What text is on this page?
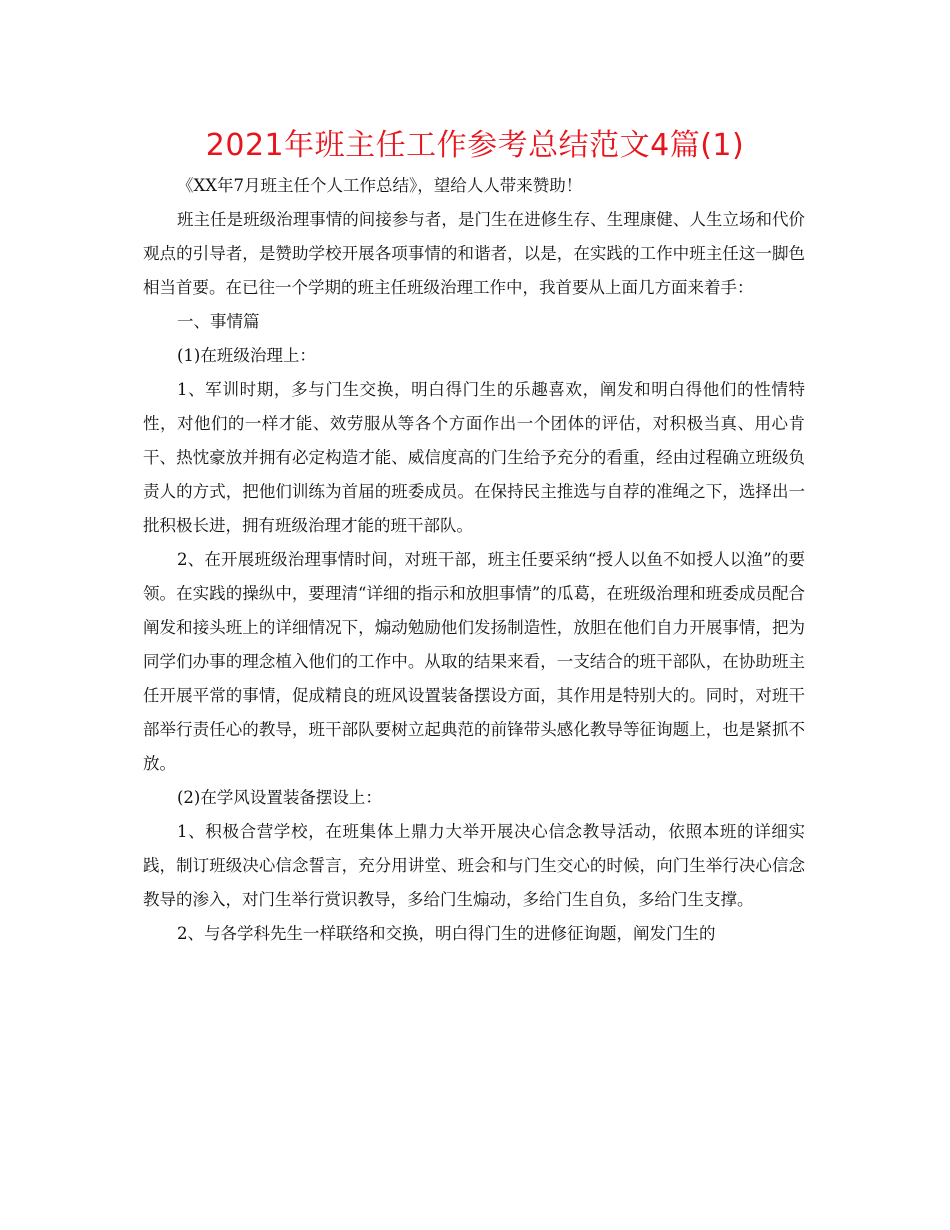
2021年班主任工作参考总结范文4篇(1)

《XX年7月班主任个人工作总结》，望给人人带来赞助！

班主任是班级治理事情的间接参与者，是门生在进修生存、生理康健、人生立场和代价观点的引导者，是赞助学校开展各项事情的和谐者，以是，在实践的工作中班主任这一脚色相当首要。在已往一个学期的班主任班级治理工作中，我首要从上面几方面来着手：

一、事情篇

(1)在班级治理上：

1、军训时期，多与门生交换，明白得门生的乐趣喜欢，阐发和明白得他们的性情特性，对他们的一样才能、效劳服从等各个方面作出一个团体的评估，对积极当真、用心肯干、热忱豪放并拥有必定构造才能、威信度高的门生给予充分的看重，经由过程确立班级负责人的方式，把他们训练为首届的班委成员。在保持民主推选与自荐的准绳之下，选择出一批积极长进，拥有班级治理才能的班干部队。

2、在开展班级治理事情时间，对班干部，班主任要采纳“授人以鱼不如授人以渔”的要领。在实践的操纵中，要理清“详细的指示和放胆事情”的瓜葛，在班级治理和班委成员配合阐发和接头班上的详细情况下，煽动勉励他们发扬制造性，放胆在他们自力开展事情，把为同学们办事的理念植入他们的工作中。从取的结果来看，一支结合的班干部队，在协助班主任开展平常的事情，促成精良的班风设置装备摆设方面，其作用是特别大的。同时，对班干部举行责任心的教导，班干部队要树立起典范的前锋带头感化教导等征询题上，也是紧抓不放。

(2)在学风设置装备摆设上：

1、积极合营学校，在班集体上鼎力大举开展决心信念教导活动，依照本班的详细实践，制订班级决心信念誓言，充分用讲堂、班会和与门生交心的时候，向门生举行决心信念教导的渗入，对门生举行赏识教导，多给门生煽动，多给门生自负，多给门生支撑。

2、与各学科先生一样联络和交换，明白得门生的进修征询题，阐发门生的
